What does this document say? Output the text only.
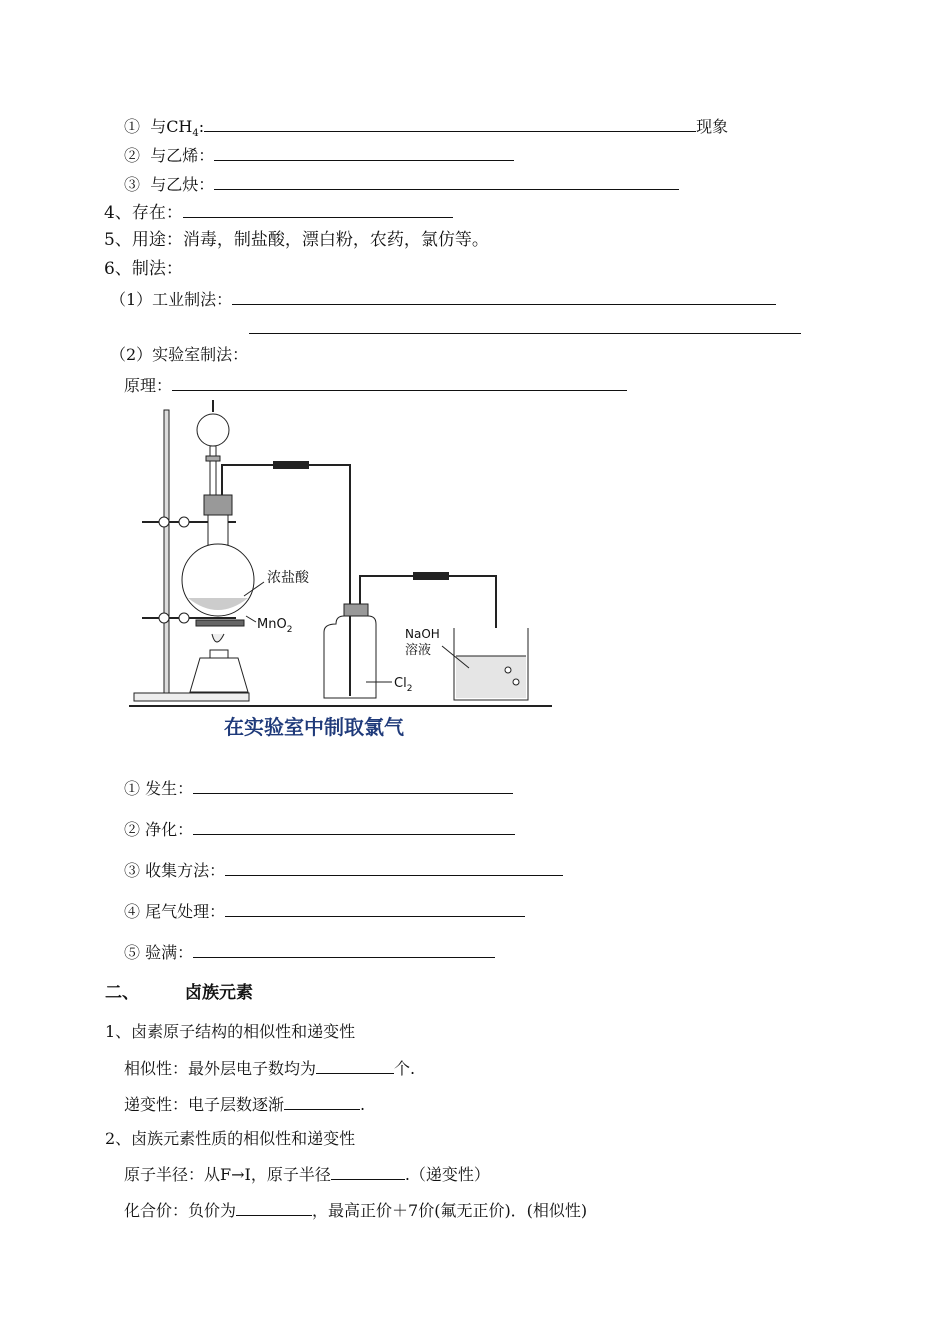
① 与$CH_4$:	现象
② 与乙烯：
③ 与乙炔：
4、存在：
5、用途：消毒，制盐酸，漂白粉，农药，氯仿等。
6、制法：
（1）工业制法：
（2）实验室制法：
原理：
浓盐酸
MnO$_2$	NaOH
溶液
$Cl_2$
在实验室中制取氯气
① 发生：
② 净化：
③ 收集方法：
④ 尾气处理：
⑤ 验满：
二、	卤族元素
1、卤素原子结构的相似性和递变性
相似性：最外层电子数均为	个.
递变性：电子层数逐渐	.
2、卤族元素性质的相似性和递变性
原子半径：从F→I，原子半径	.（递变性）
化合价：负价为	，最高正价＋7价(氟无正价)．(相似性)
